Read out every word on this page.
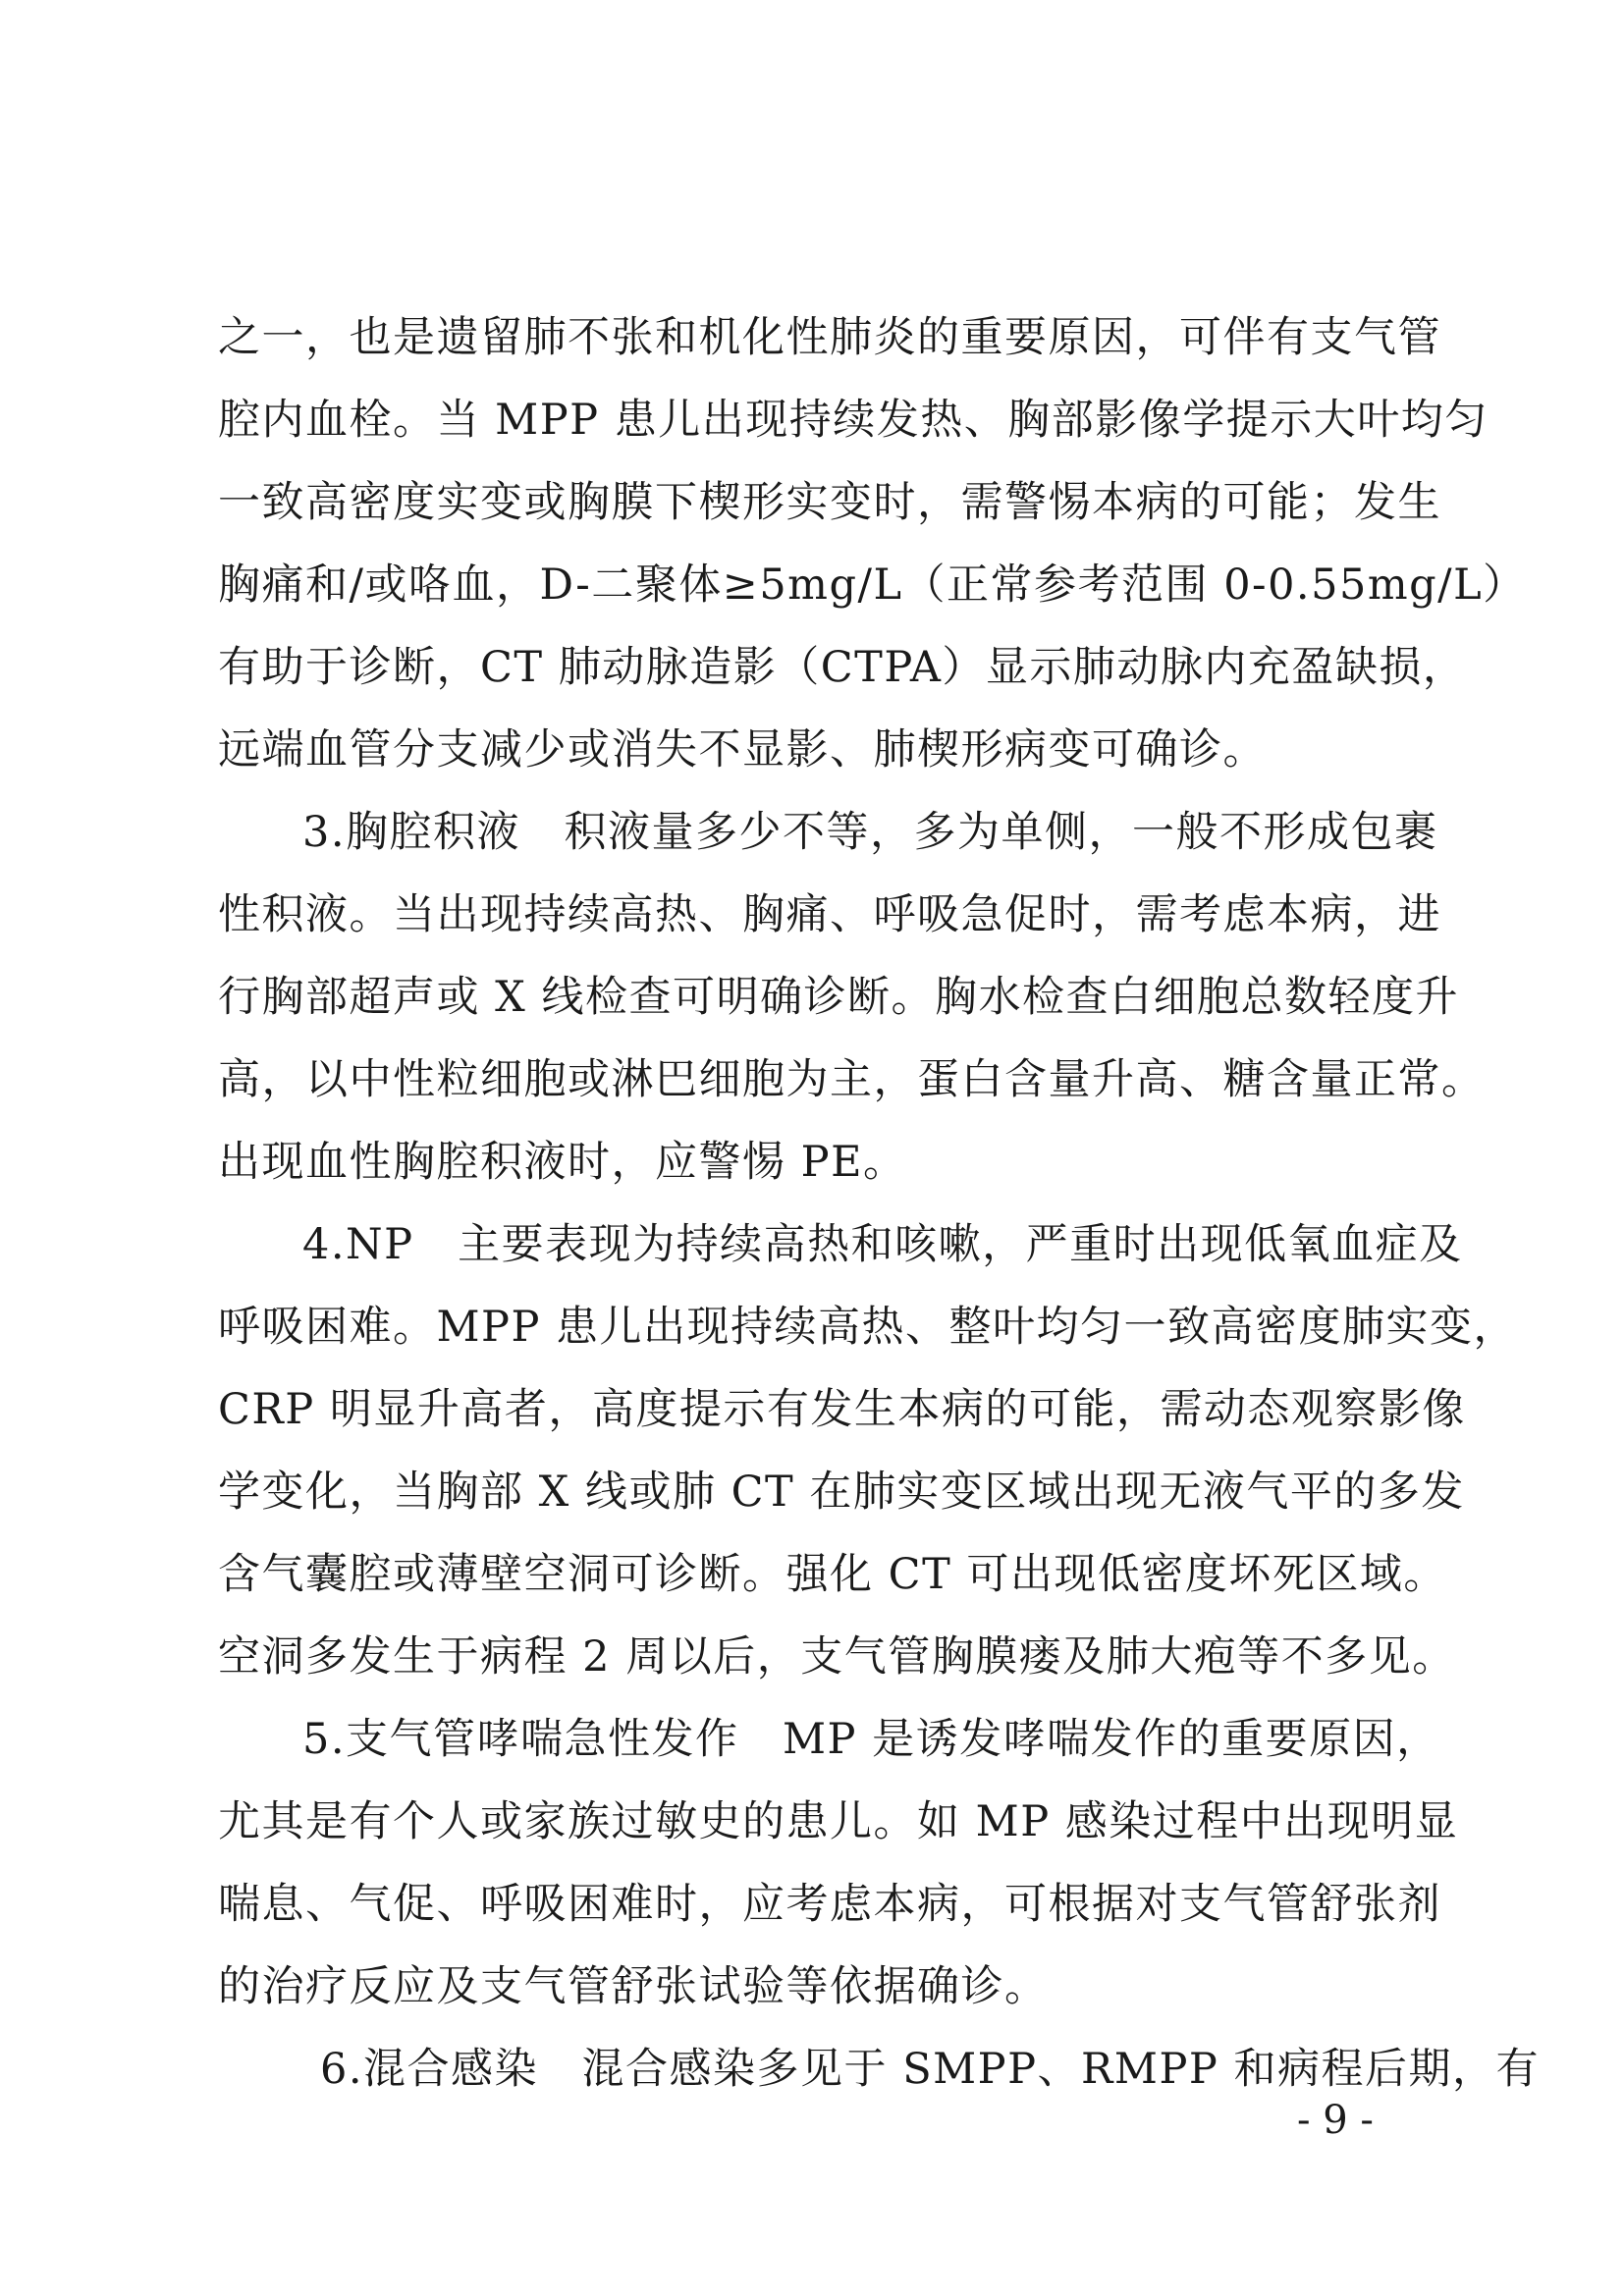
之一，也是遗留肺不张和机化性肺炎的重要原因，可伴有支气管
腔内血栓。当 MPP 患儿出现持续发热、胸部影像学提示大叶均匀
一致高密度实变或胸膜下楔形实变时，需警惕本病的可能；发生
胸痛和/或咯血，D-二聚体≥5mg/L（正常参考范围 0-0.55mg/L）
有助于诊断，CT 肺动脉造影（CTPA）显示肺动脉内充盈缺损，
远端血管分支减少或消失不显影、肺楔形病变可确诊。
3.胸腔积液　积液量多少不等，多为单侧，一般不形成包裹
性积液。当出现持续高热、胸痛、呼吸急促时，需考虑本病，进
行胸部超声或 X 线检查可明确诊断。胸水检查白细胞总数轻度升
高，以中性粒细胞或淋巴细胞为主，蛋白含量升高、糖含量正常。
出现血性胸腔积液时，应警惕 PE。
4.NP　主要表现为持续高热和咳嗽，严重时出现低氧血症及
呼吸困难。MPP 患儿出现持续高热、整叶均匀一致高密度肺实变，
CRP 明显升高者，高度提示有发生本病的可能，需动态观察影像
学变化，当胸部 X 线或肺 CT 在肺实变区域出现无液气平的多发
含气囊腔或薄壁空洞可诊断。强化 CT 可出现低密度坏死区域。
空洞多发生于病程 2 周以后，支气管胸膜瘘及肺大疱等不多见。
5.支气管哮喘急性发作　MP 是诱发哮喘发作的重要原因，
尤其是有个人或家族过敏史的患儿。如 MP 感染过程中出现明显
喘息、气促、呼吸困难时，应考虑本病，可根据对支气管舒张剂
的治疗反应及支气管舒张试验等依据确诊。
6.混合感染　混合感染多见于 SMPP、RMPP 和病程后期，有
- 9 -
